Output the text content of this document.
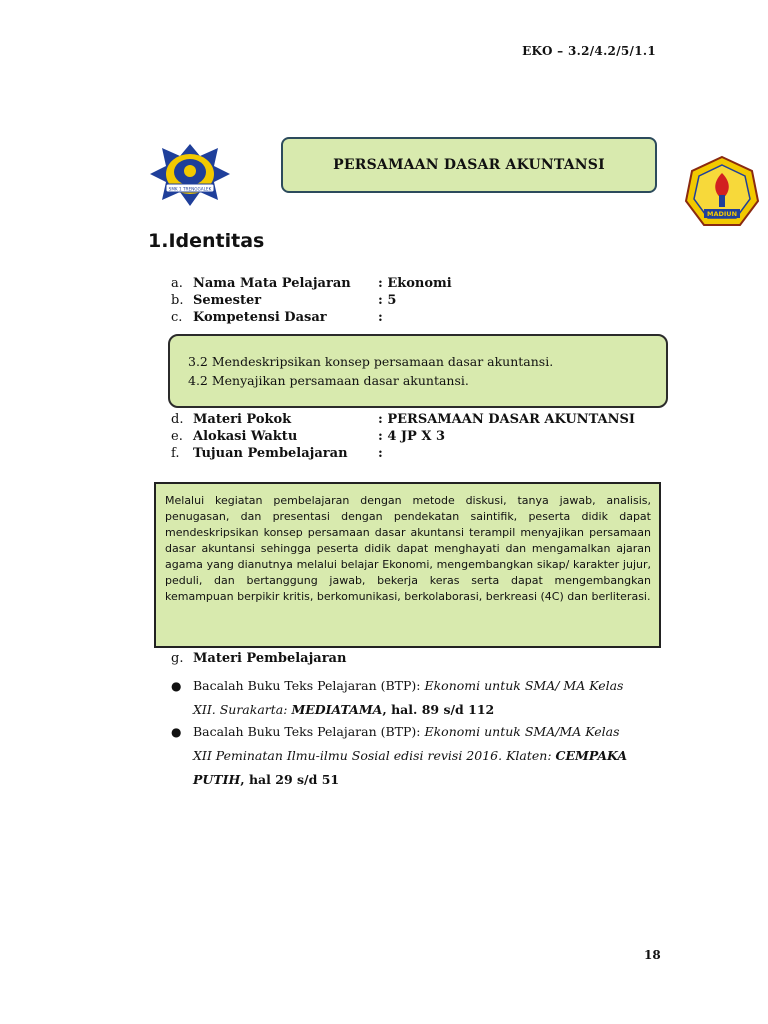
EKO – 3.2/4.2/5/1.1
SMK 1 TRENGGALEK
PERSAMAAN DASAR AKUNTANSI
MADIUN
1.Identitas
a. Nama Mata Pelajaran : Ekonomi
b. Semester	: 5
c. Kompetensi Dasar	:
3.2 Mendeskripsikan konsep persamaan dasar akuntansi.
4.2 Menyajikan persamaan dasar akuntansi.
d. Materi Pokok	: PERSAMAAN DASAR AKUNTANSI
e. Alokasi Waktu	: 4 JP X 3
f.	Tujuan Pembelajaran :
Melalui kegiatan pembelajaran dengan metode diskusi, tanya jawab, analisis, penugasan, dan presentasi dengan pendekatan saintifik, peserta didik dapat mendeskripsikan konsep persamaan dasar akuntansi terampil menyajikan persamaan dasar akuntansi sehingga peserta didik dapat menghayati dan mengamalkan ajaran agama yang dianutnya melalui belajar Ekonomi, mengembangkan sikap/ karakter jujur, peduli, dan bertanggung jawab, bekerja keras serta dapat mengembangkan kemampuan berpikir kritis, berkomunikasi, berkolaborasi, berkreasi (4C) dan berliterasi.
g. Materi Pembelajaran
● Bacalah Buku Teks Pelajaran (BTP): Ekonomi untuk SMA/ MA Kelas XII. Surakarta: MEDIATAMA, hal. 89 s/d 112
● Bacalah Buku Teks Pelajaran (BTP): Ekonomi untuk SMA/MA Kelas XII Peminatan Ilmu-ilmu Sosial edisi revisi 2016. Klaten: CEMPAKA PUTIH, hal 29 s/d 51
18
